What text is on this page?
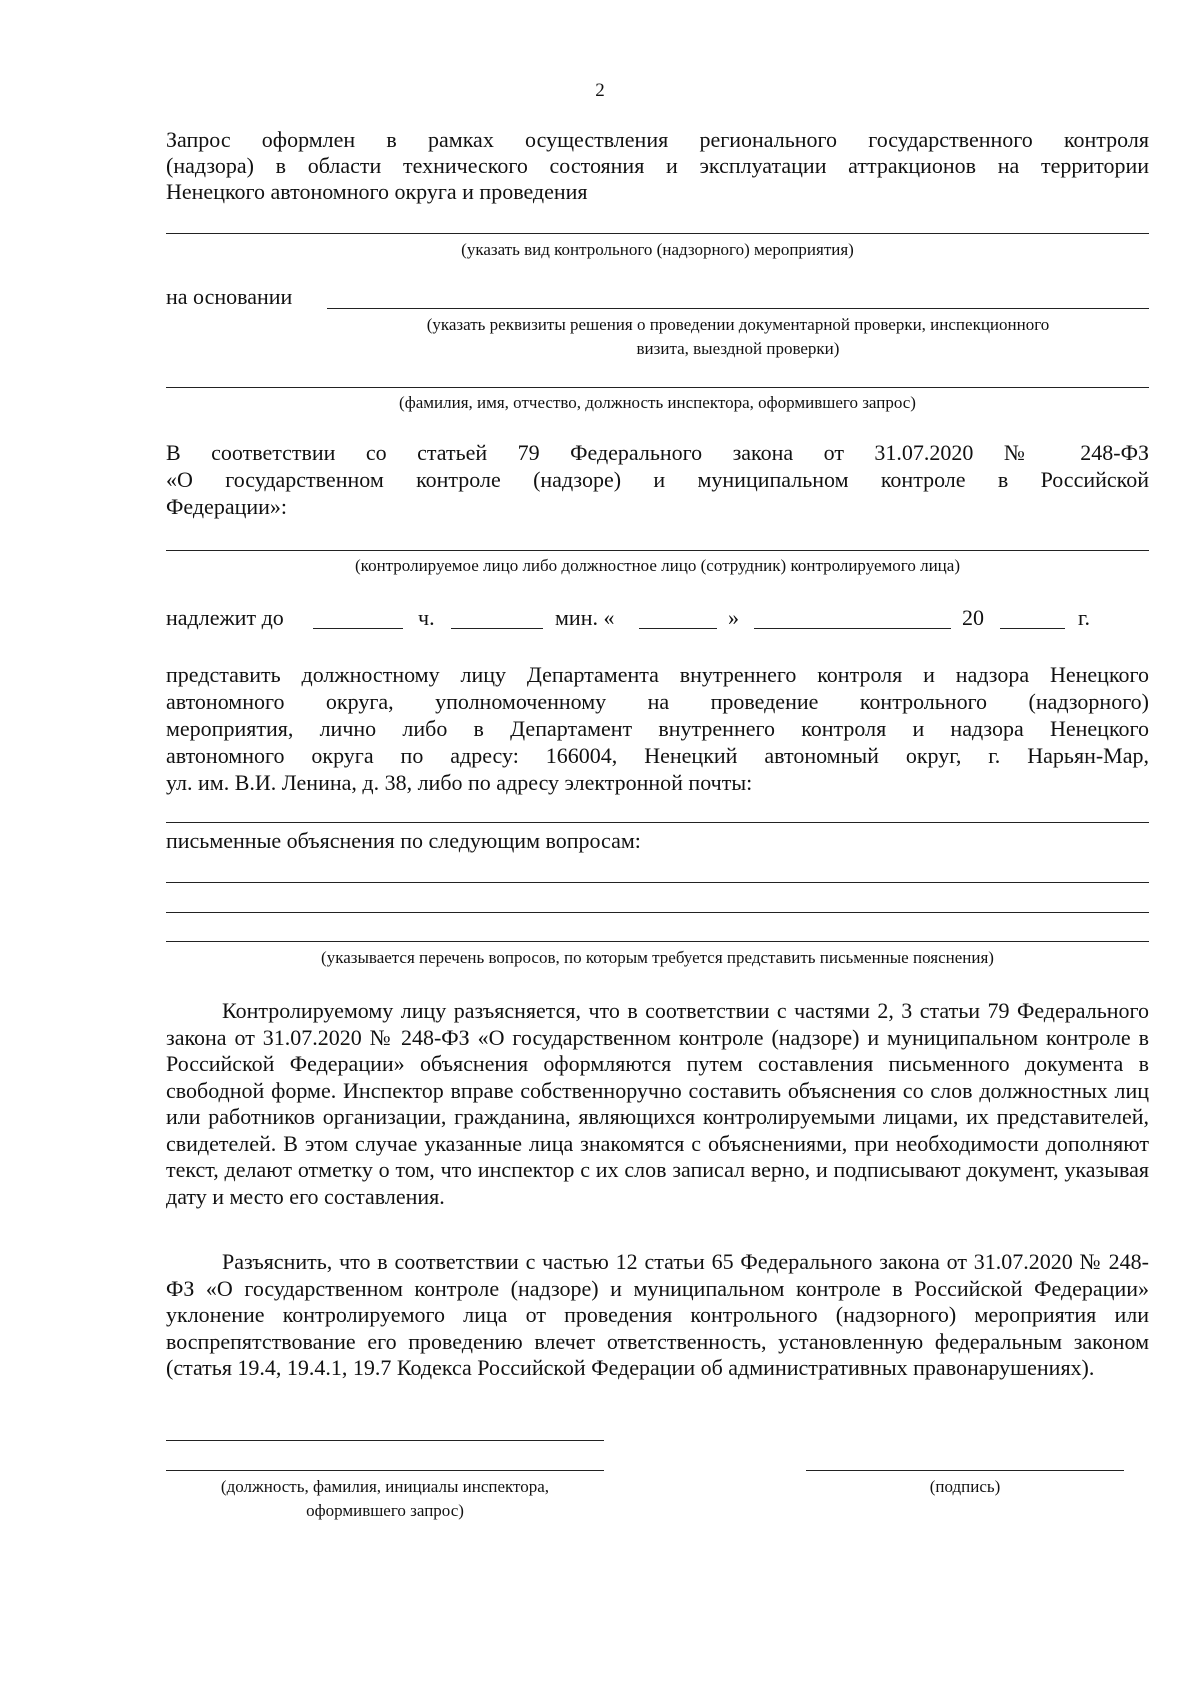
2
Запрос оформлен в рамках осуществления регионального государственного контроля
(надзора) в области технического состояния и эксплуатации аттракционов на территории
Ненецкого автономного округа и проведения
(указать вид контрольного (надзорного) мероприятия)
на основании
(указать реквизиты решения о проведении документарной проверки, инспекционного
визита, выездной проверки)
(фамилия, имя, отчество, должность инспектора, оформившего запрос)
В соответствии со статьей 79 Федерального закона от 31.07.2020 № 248-ФЗ
«О государственном контроле (надзоре) и муниципальном контроле в Российской
Федерации»:
(контролируемое лицо либо должностное лицо (сотрудник) контролируемого лица)
надлежит до	ч.	мин. «	»	20	г.
представить должностному лицу Департамента внутреннего контроля и надзора Ненецкого
автономного округа, уполномоченному на проведение контрольного (надзорного)
мероприятия, лично либо в Департамент внутреннего контроля и надзора Ненецкого
автономного округа по адресу: 166004, Ненецкий автономный округ, г. Нарьян-Мар,
ул. им. В.И. Ленина, д. 38, либо по адресу электронной почты:
письменные объяснения по следующим вопросам:
(указывается перечень вопросов, по которым требуется представить письменные пояснения)
Контролируемому лицу разъясняется, что в соответствии с частями 2, 3 статьи 79 Федерального закона от 31.07.2020 № 248-ФЗ «О государственном контроле (надзоре) и муниципальном контроле в Российской Федерации» объяснения оформляются путем составления письменного документа в свободной форме. Инспектор вправе собственноручно составить объяснения со слов должностных лиц или работников организации, гражданина, являющихся контролируемыми лицами, их представителей, свидетелей. В этом случае указанные лица знакомятся с объяснениями, при необходимости дополняют текст, делают отметку о том, что инспектор с их слов записал верно, и подписывают документ, указывая дату и место его составления.
Разъяснить, что в соответствии с частью 12 статьи 65 Федерального закона от 31.07.2020 № 248-ФЗ «О государственном контроле (надзоре) и муниципальном контроле в Российской Федерации» уклонение контролируемого лица от проведения контрольного (надзорного) мероприятия или воспрепятствование его проведению влечет ответственность, установленную федеральным законом (статья 19.4, 19.4.1, 19.7 Кодекса Российской Федерации об административных правонарушениях).
(должность, фамилия, инициалы инспектора,
оформившего запрос)
(подпись)
